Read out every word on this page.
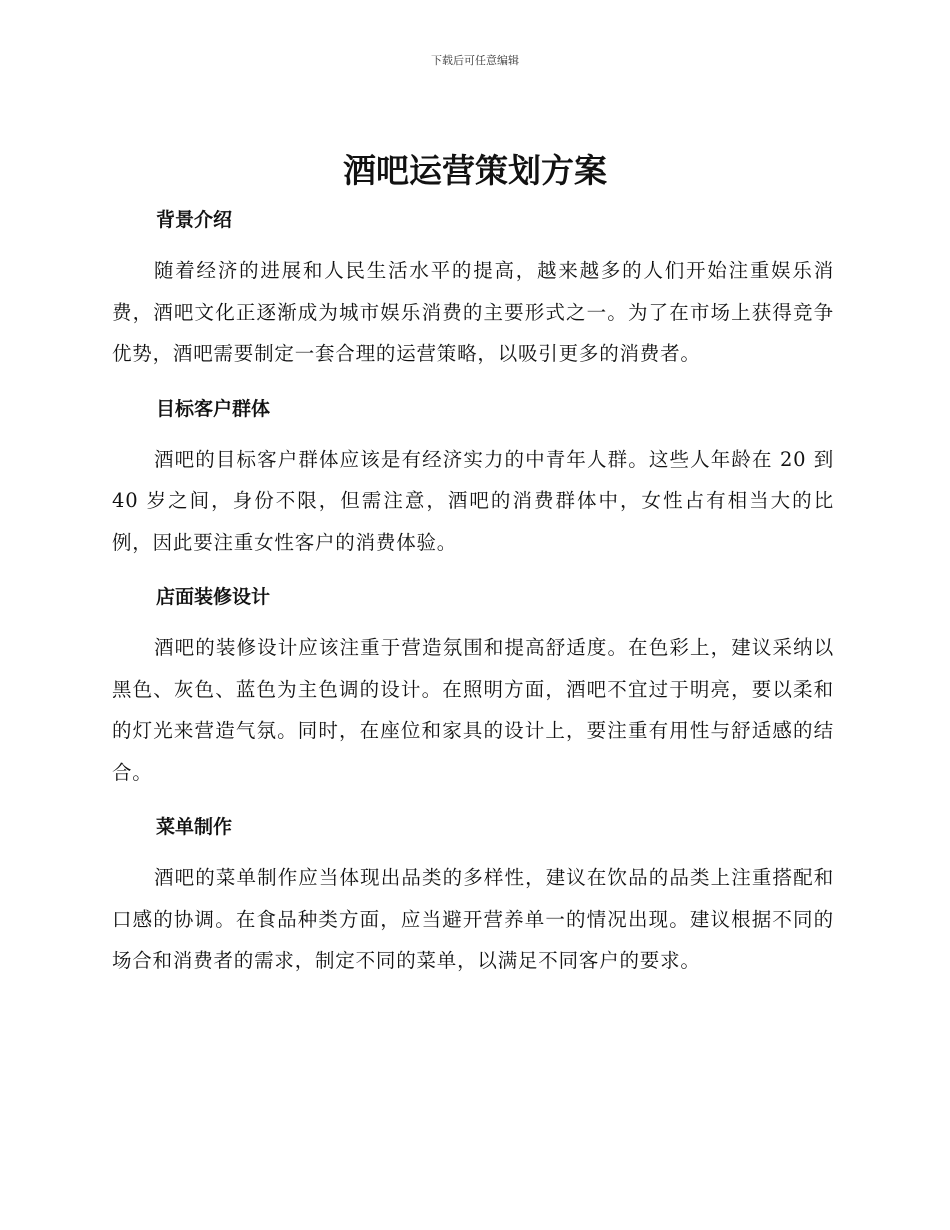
下载后可任意编辑
酒吧运营策划方案
背景介绍

随着经济的进展和人民生活水平的提高，越来越多的人们开始注重娱乐消费，酒吧文化正逐渐成为城市娱乐消费的主要形式之一。为了在市场上获得竞争优势，酒吧需要制定一套合理的运营策略，以吸引更多的消费者。

目标客户群体

酒吧的目标客户群体应该是有经济实力的中青年人群。这些人年龄在 20 到 40 岁之间，身份不限，但需注意，酒吧的消费群体中，女性占有相当大的比例，因此要注重女性客户的消费体验。

店面装修设计

酒吧的装修设计应该注重于营造氛围和提高舒适度。在色彩上，建议采纳以黑色、灰色、蓝色为主色调的设计。在照明方面，酒吧不宜过于明亮，要以柔和的灯光来营造气氛。同时，在座位和家具的设计上，要注重有用性与舒适感的结合。

菜单制作

酒吧的菜单制作应当体现出品类的多样性，建议在饮品的品类上注重搭配和口感的协调。在食品种类方面，应当避开营养单一的情况出现。建议根据不同的场合和消费者的需求，制定不同的菜单，以满足不同客户的要求。
